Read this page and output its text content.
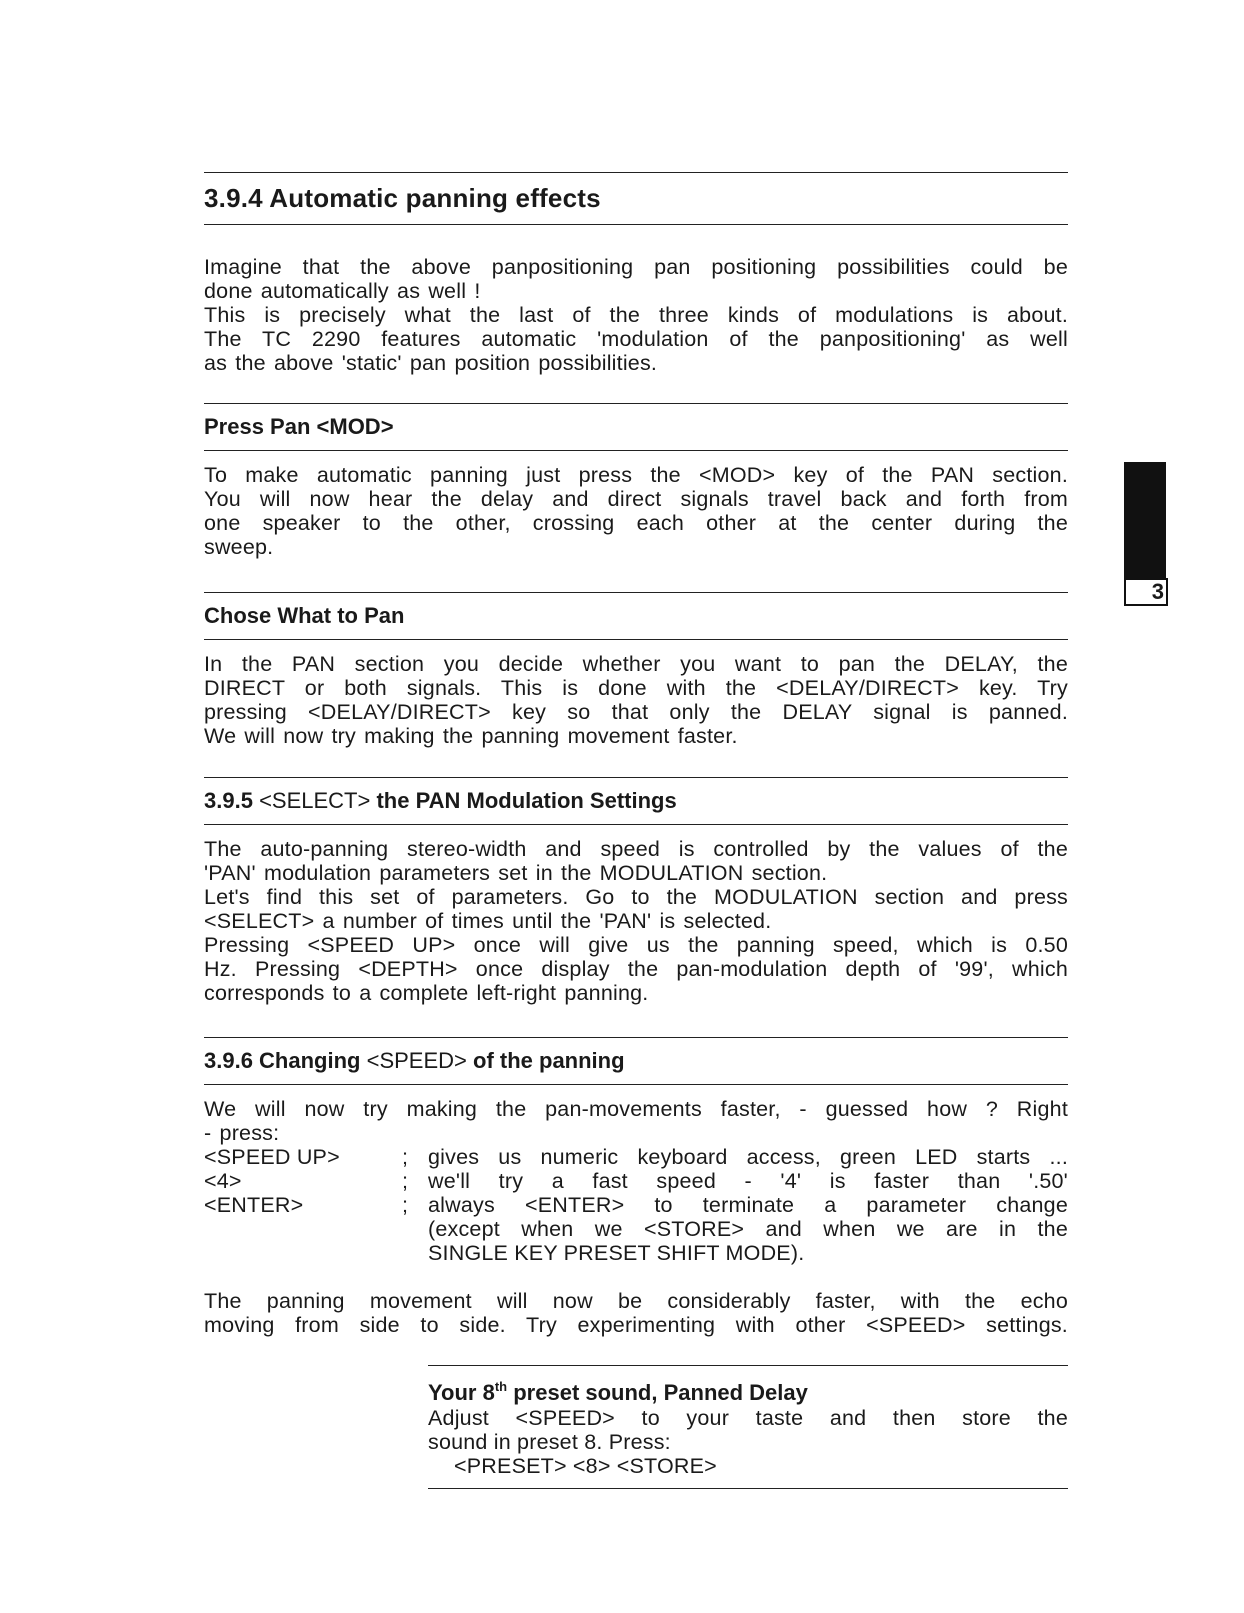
3.9.4 Automatic panning effects

Imagine that the above panpositioning pan positioning possibilities could be
done automatically as well !
This is precisely what the last of the three kinds of modulations is about.
The TC 2290 features automatic 'modulation of the panpositioning' as well
as the above 'static' pan position possibilities.

Press Pan <MOD>

To make automatic panning just press the <MOD> key of the PAN section.
You will now hear the delay and direct signals travel back and forth from
one speaker to the other, crossing each other at the center during the
sweep.

Chose What to Pan

In the PAN section you decide whether you want to pan the DELAY, the
DIRECT or both signals. This is done with the <DELAY/DIRECT> key. Try
pressing <DELAY/DIRECT> key so that only the DELAY signal is panned.
We will now try making the panning movement faster.

3.9.5 <SELECT> the PAN Modulation Settings

The auto-panning stereo-width and speed is controlled by the values of the
'PAN' modulation parameters set in the MODULATION section.
Let's find this set of parameters. Go to the MODULATION section and press
<SELECT> a number of times until the 'PAN' is selected.
Pressing <SPEED UP> once will give us the panning speed, which is 0.50
Hz. Pressing <DEPTH> once display the pan-modulation depth of '99', which
corresponds to a complete left-right panning.

3.9.6 Changing <SPEED> of the panning

We will now try making the pan-movements faster, - guessed how ? Right
- press:

<SPEED UP>	; gives us numeric keyboard access, green LED starts ...
<4>	; we'll try a fast speed - '4' is faster than '.50'
<ENTER>	; always <ENTER> to terminate a parameter change
(except when we <STORE> and when we are in the
SINGLE KEY PRESET SHIFT MODE).

The panning movement will now be considerably faster, with the echo
moving from side to side. Try experimenting with other <SPEED> settings.

Your 8th preset sound, Panned Delay

Adjust <SPEED> to your taste and then store the
sound in preset 8. Press:
<PRESET> <8> <STORE>

3
